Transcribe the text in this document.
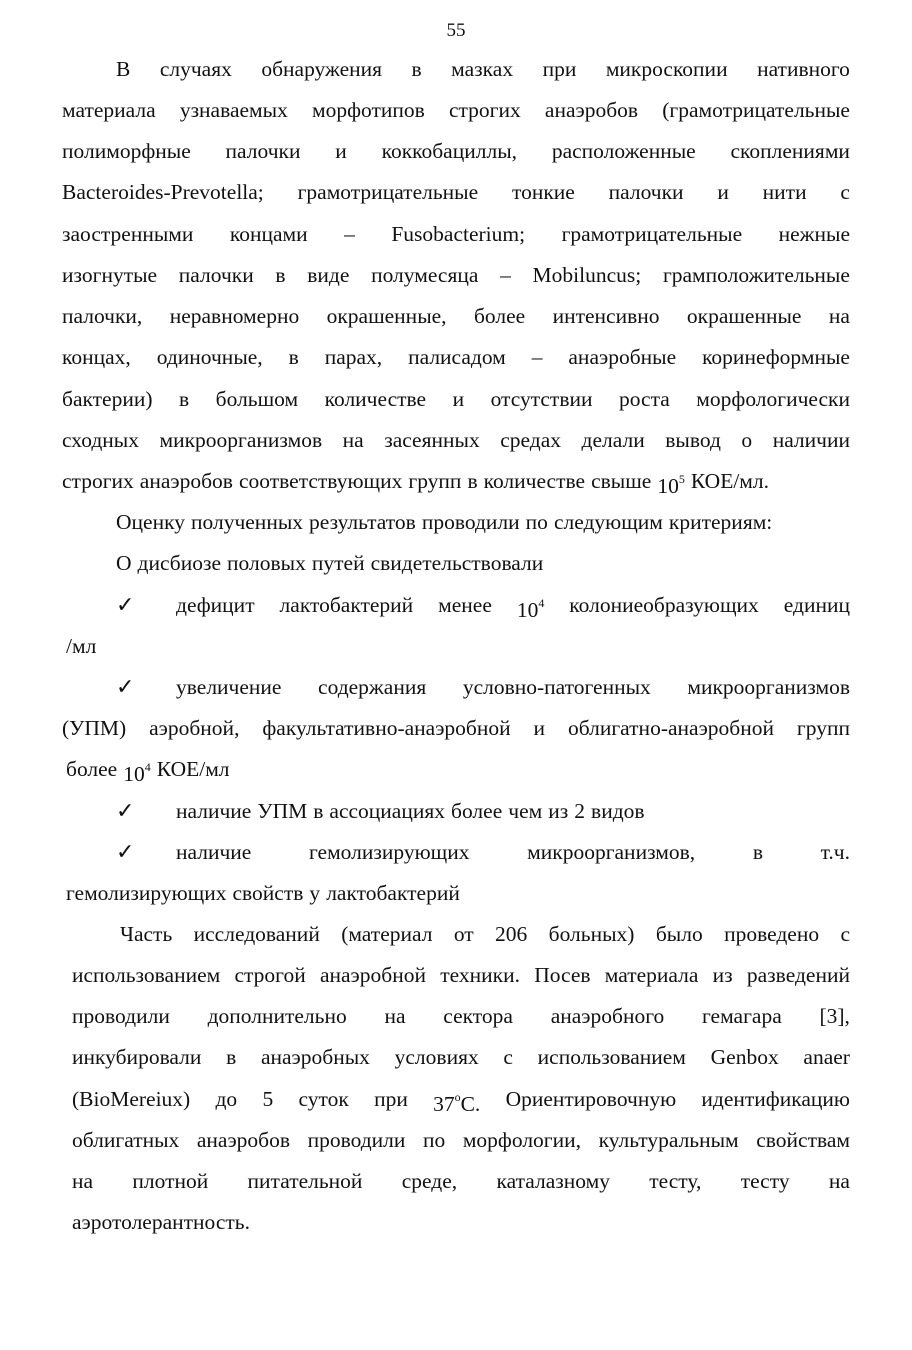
55
В случаях обнаружения в мазках при микроскопии нативного
материала узнаваемых морфотипов строгих анаэробов (грамотрицательные
полиморфные палочки и коккобациллы, расположенные скоплениями
Bacteroides-Prevotella; грамотрицательные тонкие палочки и нити с
заостренными концами – Fusobacterium; грамотрицательные нежные
изогнутые палочки в виде полумесяца – Mobiluncus; грамположительные
палочки, неравномерно окрашенные, более интенсивно окрашенные на
концах, одиночные, в парах, палисадом – анаэробные коринеформные
бактерии) в большом количестве и отсутствии роста морфологически
сходных микроорганизмов на засеянных средах делали вывод о наличии
строгих анаэробов соответствующих групп в количестве свыше $10^5$ КОЕ/мл.
Оценку полученных результатов проводили по следующим критериям:
О дисбиозе половых путей свидетельствовали
дефицит лактобактерий менее $10^4$ колониеобразующих единиц
✓
/мл
увеличение содержания условно-патогенных микроорганизмов
✓
(УПМ) аэробной, факультативно-анаэробной и облигатно-анаэробной групп
более $10^4$ КОЕ/мл
наличие УПМ в ассоциациях более чем из 2 видов
✓
наличие	гемолизирующих	микроорганизмов,	в	т.ч.
✓
гемолизирующих свойств у лактобактерий
Часть исследований (материал от 206 больных) было проведено с
использованием строгой анаэробной техники. Посев материала из разведений
проводили дополнительно на сектора анаэробного гемагара [3],
инкубировали в анаэробных условиях с использованием Genbox anaer
(BioMereiux) до 5 суток при 37$^o$C. Ориентировочную идентификацию
облигатных анаэробов проводили по морфологии, культуральным свойствам
на плотной питательной среде, каталазному тесту, тесту на
аэротолерантность.
